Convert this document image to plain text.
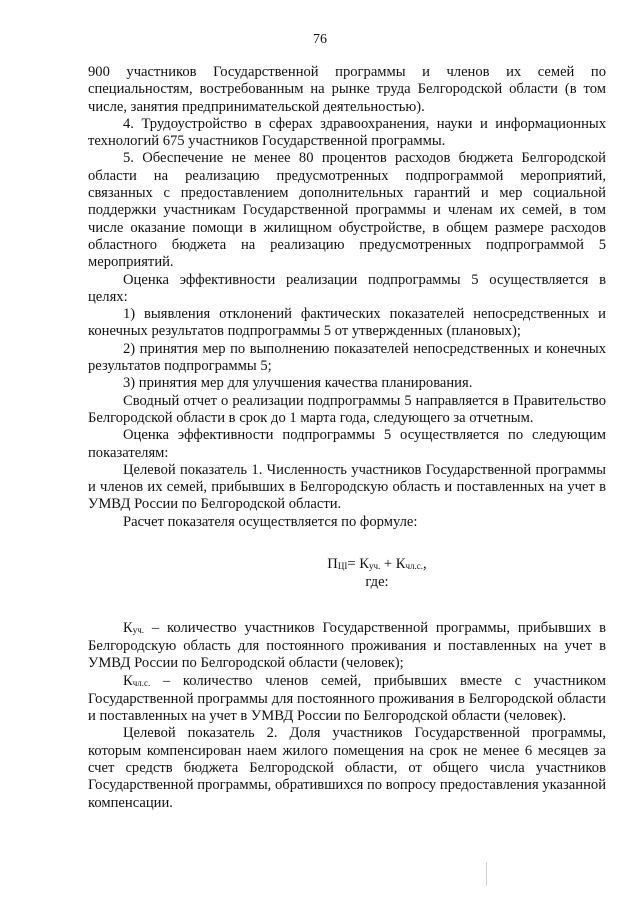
76

900 участников Государственной программы и членов их семей по специальностям, востребованным на рынке труда Белгородской области (в том числе, занятия предпринимательской деятельностью).

4. Трудоустройство в сферах здравоохранения, науки и информационных технологий 675 участников Государственной программы.

5. Обеспечение не менее 80 процентов расходов бюджета Белгородской области на реализацию предусмотренных подпрограммой мероприятий, связанных с предоставлением дополнительных гарантий и мер социальной поддержки участникам Государственной программы и членам их семей, в том числе оказание помощи в жилищном обустройстве, в общем размере расходов областного бюджета на реализацию предусмотренных подпрограммой 5 мероприятий.

Оценка эффективности реализации подпрограммы 5 осуществляется в целях:

1) выявления отклонений фактических показателей непосредственных и конечных результатов подпрограммы 5 от утвержденных (плановых);

2) принятия мер по выполнению показателей непосредственных и конечных результатов подпрограммы 5;

3) принятия мер для улучшения качества планирования.

Сводный отчет о реализации подпрограммы 5 направляется в Правительство Белгородской области в срок до 1 марта года, следующего за отчетным.

Оценка эффективности подпрограммы 5 осуществляется по следующим показателям:

Целевой показатель 1. Численность участников Государственной программы и членов их семей, прибывших в Белгородскую область и поставленных на учет в УМВД России по Белгородской области.

Расчет показателя осуществляется по формуле:

$П_{ЦI}= К_{уч.} + К_{чл.с.}$,

где:

$К_{уч.}$ – количество участников Государственной программы, прибывших в Белгородскую область для постоянного проживания и поставленных на учет в УМВД России по Белгородской области (человек);

$К_{чл.с.}$ – количество членов семей, прибывших вместе с участником Государственной программы для постоянного проживания в Белгородской области и поставленных на учет в УМВД России по Белгородской области (человек).

Целевой показатель 2. Доля участников Государственной программы, которым компенсирован наем жилого помещения на срок не менее 6 месяцев за счет средств бюджета Белгородской области, от общего числа участников Государственной программы, обратившихся по вопросу предоставления указанной компенсации.
